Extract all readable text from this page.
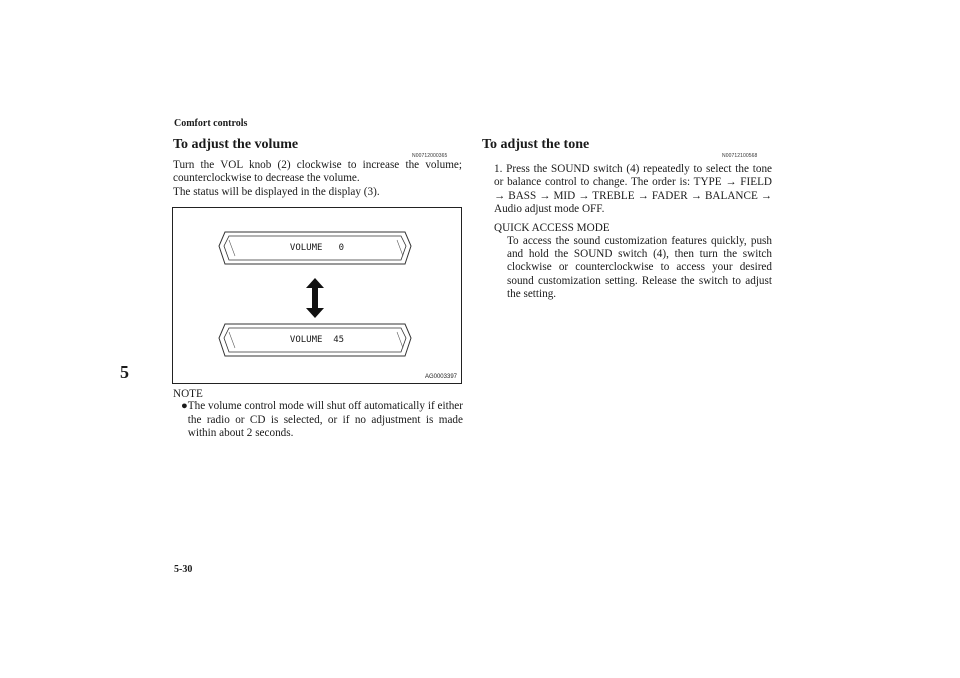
Comfort controls
5
To adjust the volume
N00712000365
Turn the VOL knob (2) clockwise to increase the volume; counterclockwise to decrease the volume.
The status will be displayed in the display (3).
VOLUME   0
VOLUME  45
AG0003397
NOTE
● The volume control mode will shut off automatically if either the radio or CD is selected, or if no adjustment is made within about 2 seconds.
To adjust the tone
N00712100568
1. Press the SOUND switch (4) repeatedly to select the tone or balance control to change. The order is: TYPE → FIELD → BASS → MID → TREBLE → FADER → BALANCE → Audio adjust mode OFF.
QUICK ACCESS MODE
To access the sound customization features quickly, push and hold the SOUND switch (4), then turn the switch clockwise or counterclockwise to access your desired sound customization setting. Release the switch to adjust the setting.
5-30
